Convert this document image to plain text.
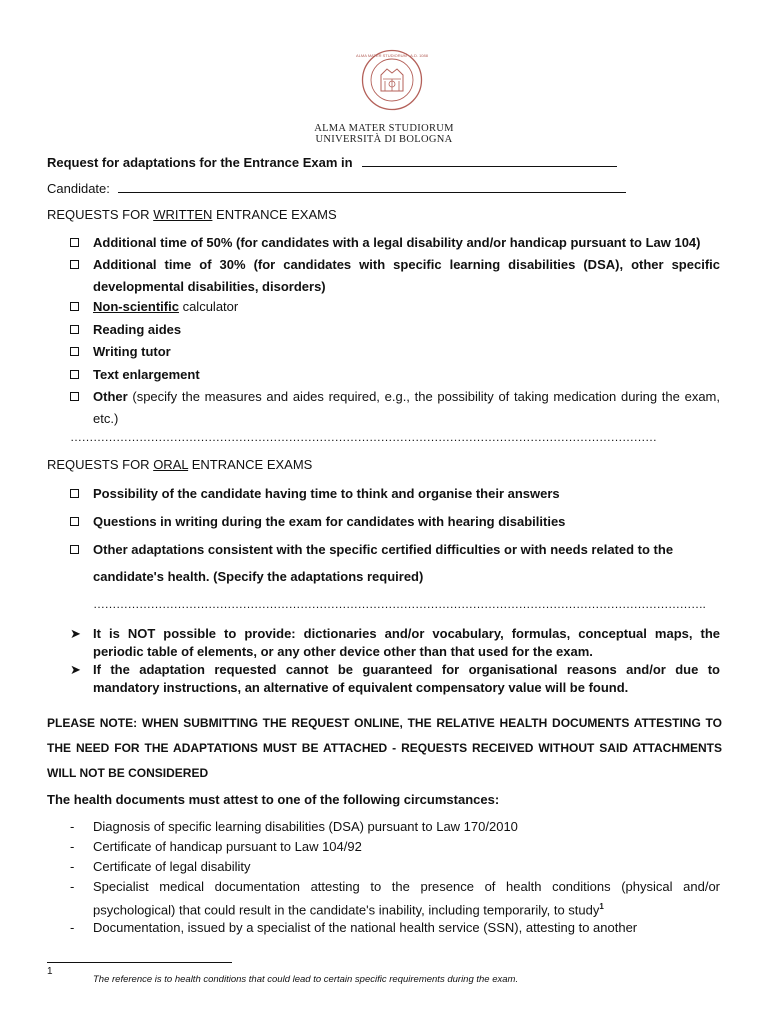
ALMA MATER STUDIORUM · A.D. 1088
ALMA MATER STUDIORUM
UNIVERSITÀ DI BOLOGNA
Request for adaptations for the Entrance Exam in
Candidate:
REQUESTS FOR WRITTEN ENTRANCE EXAMS
Additional time of 50% (for candidates with a legal disability and/or handicap pursuant to Law 104)
Additional time of 30% (for candidates with specific learning disabilities (DSA), other specific developmental disabilities, disorders)
Non-scientific calculator
Reading aides
Writing tutor
Text enlargement
Other (specify the measures and aides required, e.g., the possibility of taking medication during the exam, etc.)
………………………………………………………………………………………………………………………………………
REQUESTS FOR ORAL ENTRANCE EXAMS
Possibility of the candidate having time to think and organise their answers
Questions in writing during the exam for candidates with hearing disabilities
Other adaptations consistent with the specific certified difficulties or with needs related to the
candidate's health. (Specify the adaptations required)
…………………………………………………………………………………………………………………………………………….
➤ It is NOT possible to provide: dictionaries and/or vocabulary, formulas, conceptual maps, the periodic table of elements, or any other device other than that used for the exam.
➤ If the adaptation requested cannot be guaranteed for organisational reasons and/or due to mandatory instructions, an alternative of equivalent compensatory value will be found.
PLEASE NOTE: WHEN SUBMITTING THE REQUEST ONLINE, THE RELATIVE HEALTH DOCUMENTS ATTESTING TO THE NEED FOR THE ADAPTATIONS MUST BE ATTACHED - REQUESTS RECEIVED WITHOUT SAID ATTACHMENTS WILL NOT BE CONSIDERED
The health documents must attest to one of the following circumstances:
-	Diagnosis of specific learning disabilities (DSA) pursuant to Law 170/2010
-	Certificate of handicap pursuant to Law 104/92
-	Certificate of legal disability
-	Specialist medical documentation attesting to the presence of health conditions (physical and/or psychological) that could result in the candidate's inability, including temporarily, to study$^1$
-	Documentation, issued by a specialist of the national health service (SSN), attesting to another
1
The reference is to health conditions that could lead to certain specific requirements during the exam.
